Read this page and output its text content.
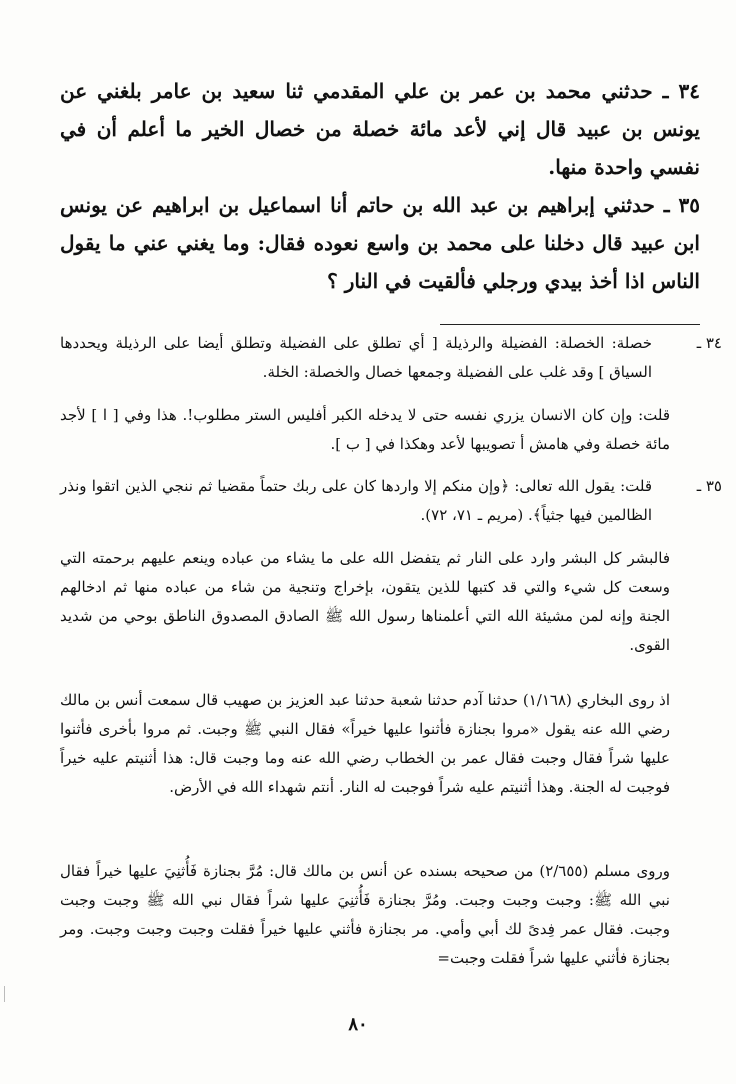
٣٤ ـ حدثني محمد بن عمر بن علي المقدمي ثنا سعيد بن عامر بلغني عن يونس بن عبيد قال إني لأعد مائة خصلة من خصال الخير ما أعلم أن في نفسي واحدة منها.
٣٥ ـ حدثني إبراهيم بن عبد الله بن حاتم أنا اسماعيل بن ابراهيم عن يونس ابن عبيد قال دخلنا على محمد بن واسع نعوده فقال: وما يغني عني ما يقول الناس اذا أخذ بيدي ورجلي فألقيت في النار ؟
٣٤ ـ
خصلة: الخصلة: الفضيلة والرذيلة [ أي تطلق على الفضيلة وتطلق أيضا على الرذيلة ويحددها السياق ] وقد غلب على الفضيلة وجمعها خصال والخصلة: الخلة.
قلت: وإن كان الانسان يزري نفسه حتى لا يدخله الكبر أفليس الستر مطلوب!. هذا وفي [ ا ] لأجد مائة خصلة وفي هامش أ تصويبها لأعد وهكذا في [ ب ].
٣٥ ـ
قلت: يقول الله تعالى: ﴿وإن منكم إلا واردها كان على ربك حتماً مقضيا ثم ننجي الذين اتقوا ونذر الظالمين فيها جثياً﴾. (مريم ـ ٧١، ٧٢).
فالبشر كل البشر وارد على النار ثم يتفضل الله على ما يشاء من عباده وينعم عليهم برحمته التي وسعت كل شيء والتي قد كتبها للذين يتقون، بإخراج وتنجية من شاء من عباده منها ثم ادخالهم الجنة وإنه لمن مشيئة الله التي أعلمناها رسول الله ﷺ الصادق المصدوق الناطق بوحي من شديد القوى.
اذ روى البخاري (١/١٦٨) حدثنا آدم حدثنا شعبة حدثنا عبد العزيز بن صهيب قال سمعت أنس بن مالك رضي الله عنه يقول «مروا بجنازة فأثنوا عليها خيراً» فقال النبي ﷺ وجبت. ثم مروا بأخرى فأثنوا عليها شراً فقال وجبت فقال عمر بن الخطاب رضي الله عنه وما وجبت قال: هذا أثنيتم عليه خيراً فوجبت له الجنة. وهذا أثنيتم عليه شراً فوجبت له النار. أنتم شهداء الله في الأرض.
وروى مسلم (٢/٦٥٥) من صحيحه بسنده عن أنس بن مالك قال: مُرَّ بجنازة فَأُثنِيَ عليها خيراً فقال نبي الله ﷺ: وجبت وجبت وجبت. ومُرَّ بجنازة فَأُثنِيَ عليها شراً فقال نبي الله ﷺ وجبت وجبت وجبت. فقال عمر فِدىً لك أبي وأمي. مر بجنازة فأثني عليها خيراً فقلت وجبت وجبت وجبت. ومر بجنازة فأثني عليها شراً فقلت وجبت=
٨٠
